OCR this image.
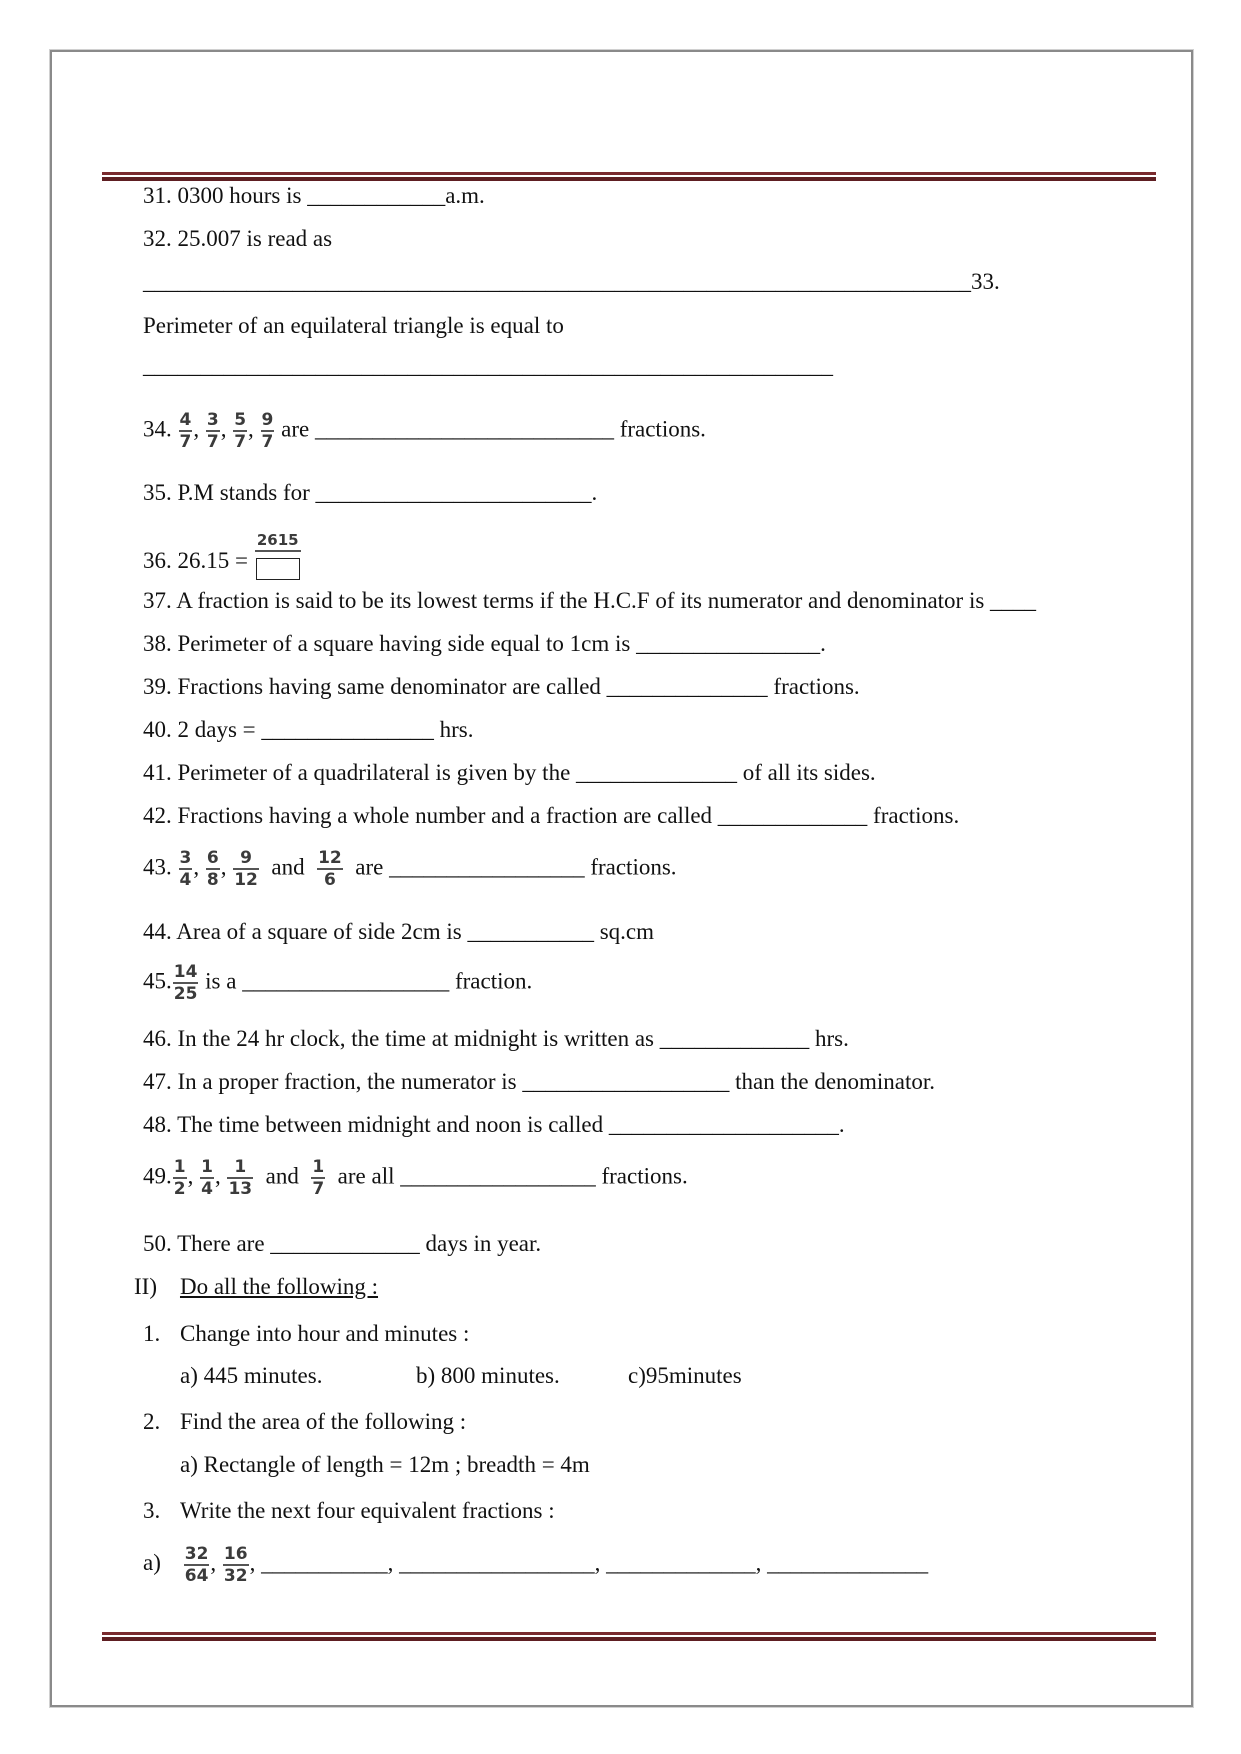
31. 0300 hours is ____________a.m.
32. 25.007 is read as
________________________________________________________________________33.
Perimeter of an equilateral triangle is equal to
____________________________________________________________
34. $\frac{4}{7}$ , $\frac{3}{7}$ , $\frac{5}{7}$ , $\frac{9}{7}$ are __________________________ fractions.
35. P.M stands for ________________________.
36. 26.15 =
2615
37. A fraction is said to be its lowest terms if the H.C.F of its numerator and denominator is ____
38. Perimeter of a square having side equal to 1cm is ________________.
39. Fractions having same denominator are called ______________ fractions.
40. 2 days = _______________ hrs.
41. Perimeter of a quadrilateral is given by the ______________ of all its sides.
42. Fractions having a whole number and a fraction are called _____________ fractions.
43. $\frac{3}{4}$ , $\frac{6}{8}$ , $\frac{9}{12}$ and $\frac{12}{6}$ are _________________ fractions.
44. Area of a square of side 2cm is ___________ sq.cm
45. $\frac{14}{25}$ is a __________________ fraction.
46. In the 24 hr clock, the time at midnight is written as _____________ hrs.
47. In a proper fraction, the numerator is __________________ than the denominator.
48. The time between midnight and noon is called ____________________.
49. $\frac{1}{2}$ , $\frac{1}{4}$ , $\frac{1}{13}$ and $\frac{1}{7}$ are all _________________ fractions.
50. There are _____________ days in year.
II) Do all the following :
1. Change into hour and minutes :
a) 445 minutes.	b) 800 minutes.	c)95minutes
2. Find the area of the following :
a) Rectangle of length = 12m ; breadth = 4m
3. Write the next four equivalent fractions :
$a) \frac{32}{64}$ , $\frac{16}{32}$ , ___________, _________________, _____________, ______________
